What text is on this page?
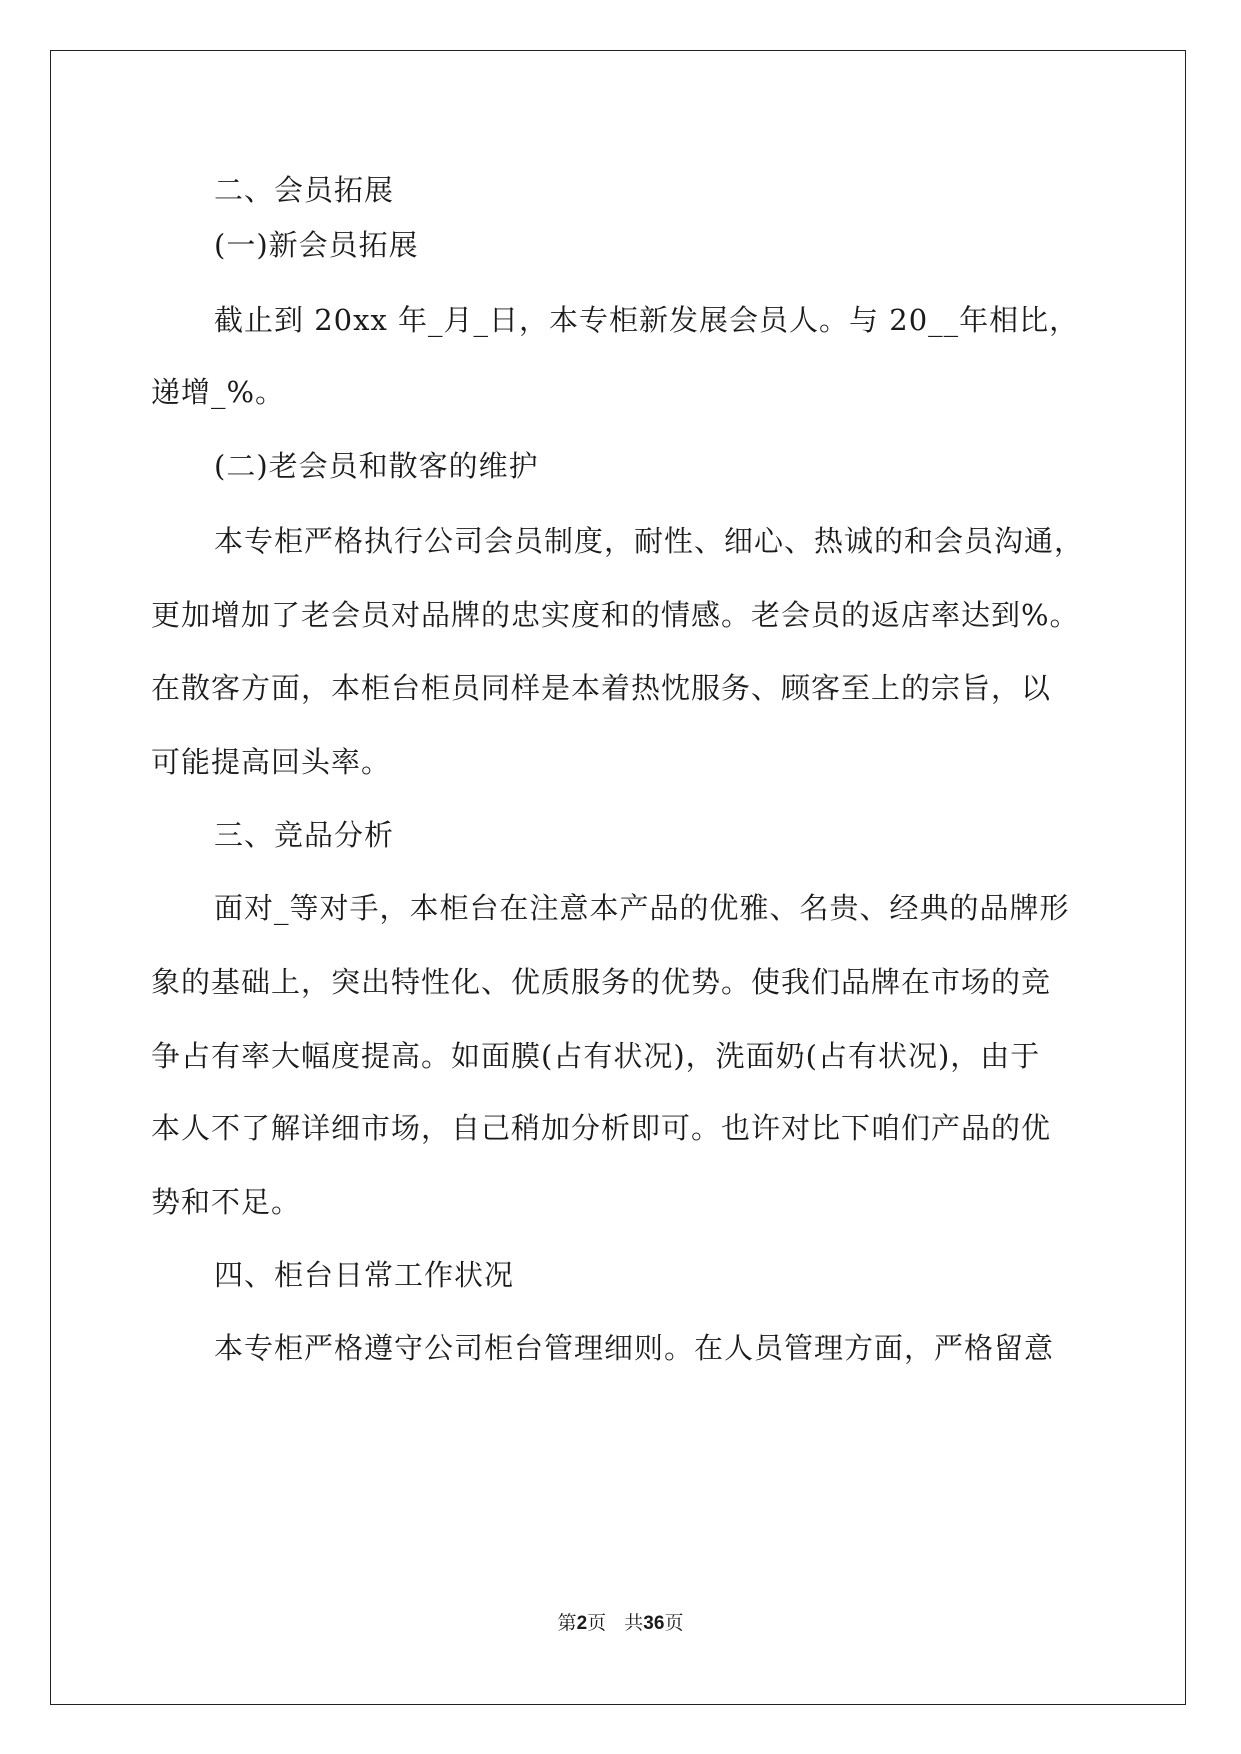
二、会员拓展
(一)新会员拓展
截止到 20xx 年_月_日，本专柜新发展会员人。与 20__年相比，
递增_%。
(二)老会员和散客的维护
本专柜严格执行公司会员制度，耐性、细心、热诚的和会员沟通，
更加增加了老会员对品牌的忠实度和的情感。老会员的返店率达到%。
在散客方面，本柜台柜员同样是本着热忱服务、顾客至上的宗旨，以
可能提高回头率。
三、竞品分析
面对_等对手，本柜台在注意本产品的优雅、名贵、经典的品牌形
象的基础上，突出特性化、优质服务的优势。使我们品牌在市场的竞
争占有率大幅度提高。如面膜(占有状况)，洗面奶(占有状况)，由于
本人不了解详细市场，自己稍加分析即可。也许对比下咱们产品的优
势和不足。
四、柜台日常工作状况
本专柜严格遵守公司柜台管理细则。在人员管理方面，严格留意
第2页 共36页
